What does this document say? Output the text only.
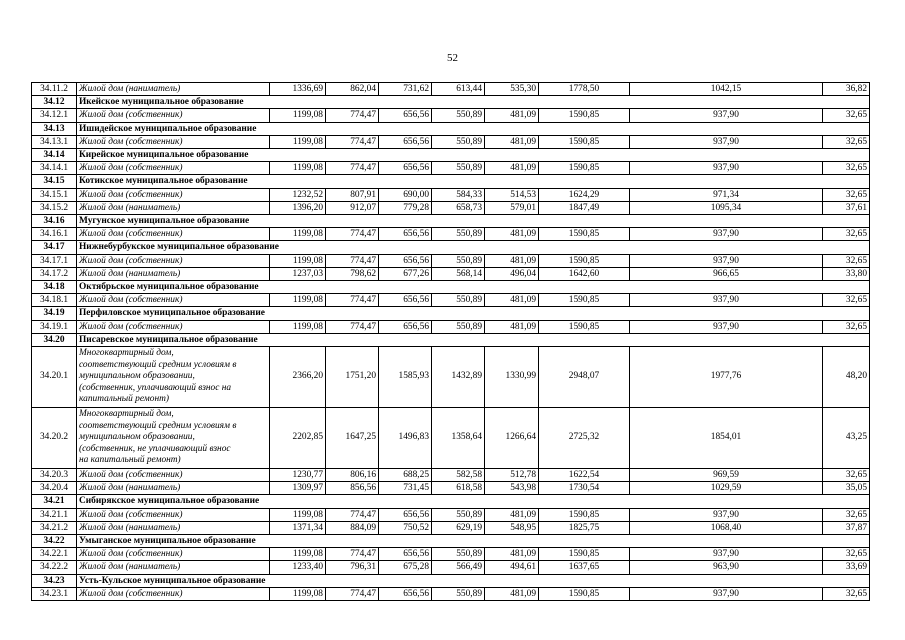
52
34.11.2	Жилой дом (наниматель)	1336,69	862,04	731,62	613,44	535,30	1778,50	1042,15	36,82
34.12	Икейское муниципальное образование								
34.12.1	Жилой дом (собственник)	1199,08	774,47	656,56	550,89	481,09	1590,85	937,90	32,65
34.13	Ишидейское муниципальное образование								
34.13.1	Жилой дом (собственник)	1199,08	774,47	656,56	550,89	481,09	1590,85	937,90	32,65
34.14	Кирейское муниципальное образование								
34.14.1	Жилой дом (собственник)	1199,08	774,47	656,56	550,89	481,09	1590,85	937,90	32,65
34.15	Котикское муниципальное образование								
34.15.1	Жилой дом (собственник)	1232,52	807,91	690,00	584,33	514,53	1624,29	971,34	32,65
34.15.2	Жилой дом (наниматель)	1396,20	912,07	779,28	658,73	579,01	1847,49	1095,34	37,61
34.16	Мугунское муниципальное образование								
34.16.1	Жилой дом (собственник)	1199,08	774,47	656,56	550,89	481,09	1590,85	937,90	32,65
34.17	Нижнебурбукское муниципальное образование								
34.17.1	Жилой дом (собственник)	1199,08	774,47	656,56	550,89	481,09	1590,85	937,90	32,65
34.17.2	Жилой дом (наниматель)	1237,03	798,62	677,26	568,14	496,04	1642,60	966,65	33,80
34.18	Октябрьское муниципальное образование								
34.18.1	Жилой дом (собственник)	1199,08	774,47	656,56	550,89	481,09	1590,85	937,90	32,65
34.19	Перфиловское муниципальное образование								
34.19.1	Жилой дом (собственник)	1199,08	774,47	656,56	550,89	481,09	1590,85	937,90	32,65
34.20	Писаревское муниципальное образование								
34.20.1	Многоквартирный дом,
соответствующий средним условиям в
муниципальном образовании,
(собственник, уплачивающий взнос на
капитальный ремонт)	2366,20	1751,20	1585,93	1432,89	1330,99	2948,07	1977,76	48,20
34.20.2	Многоквартирный дом,
соответствующий средним условиям в
муниципальном образовании,
(собственник, не уплачивающий взнос
на капитальный ремонт)	2202,85	1647,25	1496,83	1358,64	1266,64	2725,32	1854,01	43,25
34.20.3	Жилой дом (собственник)	1230,77	806,16	688,25	582,58	512,78	1622,54	969,59	32,65
34.20.4	Жилой дом (наниматель)	1309,97	856,56	731,45	618,58	543,98	1730,54	1029,59	35,05
34.21	Сибирякское муниципальное образование								
34.21.1	Жилой дом (собственник)	1199,08	774,47	656,56	550,89	481,09	1590,85	937,90	32,65
34.21.2	Жилой дом (наниматель)	1371,34	884,09	750,52	629,19	548,95	1825,75	1068,40	37,87
34.22	Умыганское муниципальное образование								
34.22.1	Жилой дом (собственник)	1199,08	774,47	656,56	550,89	481,09	1590,85	937,90	32,65
34.22.2	Жилой дом (наниматель)	1233,40	796,31	675,28	566,49	494,61	1637,65	963,90	33,69
34.23	Усть-Кульское муниципальное образование								
34.23.1	Жилой дом (собственник)	1199,08	774,47	656,56	550,89	481,09	1590,85	937,90	32,65
